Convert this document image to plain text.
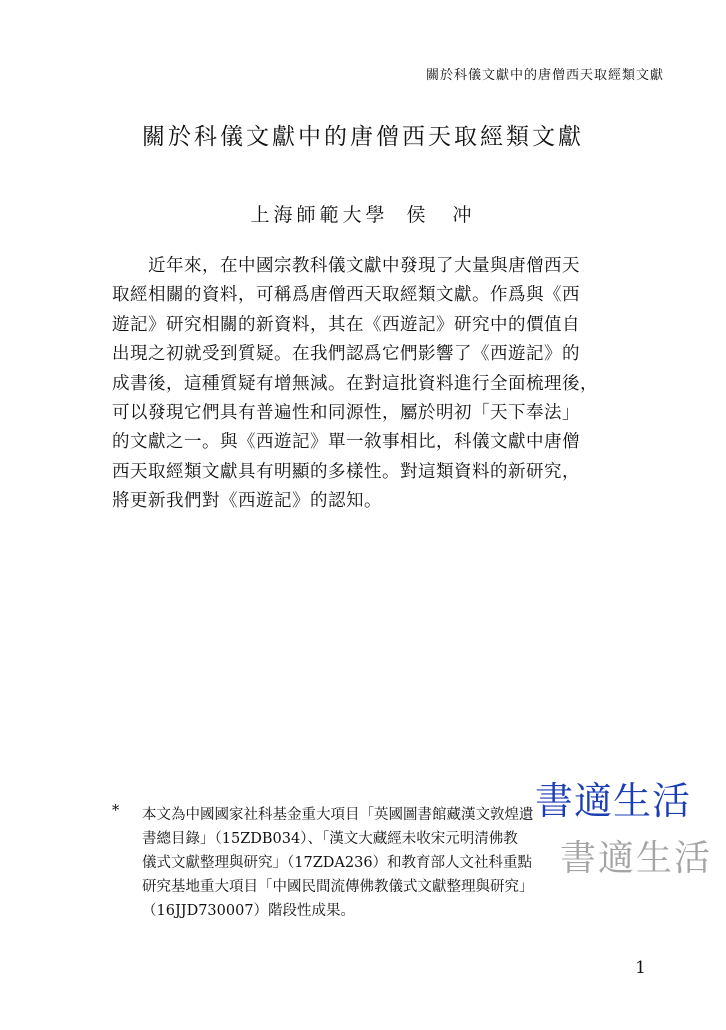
關於科儀文獻中的唐僧西天取經類文獻
關於科儀文獻中的唐僧西天取經類文獻
上海師範大學 侯　冲
　　近年來，在中國宗教科儀文獻中發現了大量與唐僧西天
取經相關的資料，可稱爲唐僧西天取經類文獻。作爲與《西
遊記》研究相關的新資料，其在《西遊記》研究中的價值自
出現之初就受到質疑。在我們認爲它們影響了《西遊記》的
成書後，這種質疑有增無減。在對這批資料進行全面梳理後，
可以發現它們具有普遍性和同源性，屬於明初「天下奉法」
的文獻之一。與《西遊記》單一敘事相比，科儀文獻中唐僧
西天取經類文獻具有明顯的多樣性。對這類資料的新研究，
將更新我們對《西遊記》的認知。
* 本文為中國國家社科基金重大項目「英國圖書館藏漢文敦煌遺
書總目錄」（15ZDB034）、「漢文大藏經未收宋元明清佛教
儀式文獻整理與研究」（17ZDA236）和教育部人文社科重點
研究基地重大項目「中國民間流傳佛教儀式文獻整理與研究」
（16JJD730007）階段性成果。
書適生活
書適生活
1
